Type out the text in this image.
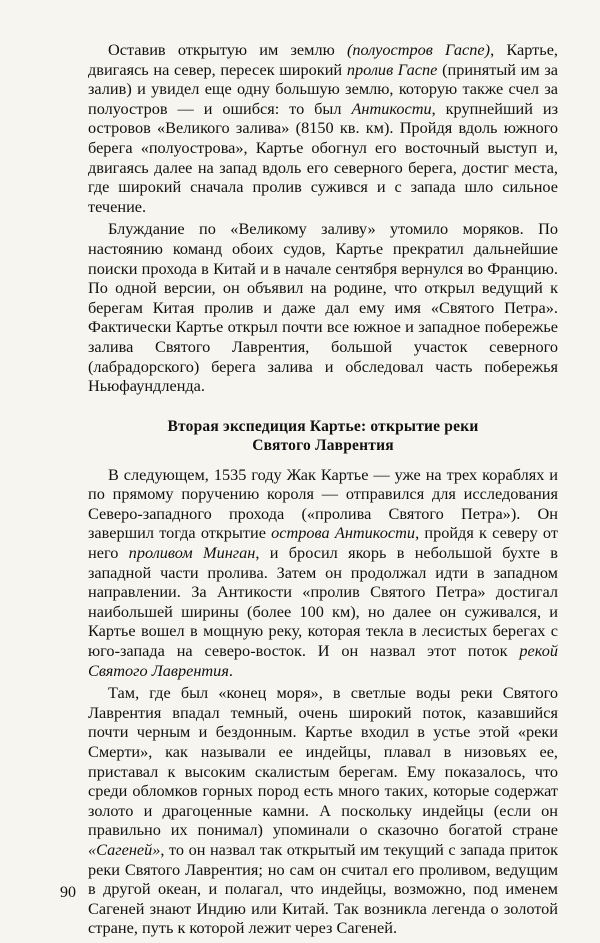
Оставив открытую им землю (полуостров Гаспе), Картье, двигаясь на север, пересек широкий пролив Гаспе (принятый им за залив) и увидел еще одну большую землю, которую также счел за полуостров — и ошибся: то был Антикости, крупнейший из островов «Великого залива» (8150 кв. км). Пройдя вдоль южного берега «полуострова», Картье обогнул его восточный выступ и, двигаясь далее на запад вдоль его северного берега, достиг места, где широкий сначала пролив сужився и с запада шло сильное течение.

Блуждание по «Великому заливу» утомило моряков. По настоянию команд обоих судов, Картье прекратил дальнейшие поиски прохода в Китай и в начале сентября вернулся во Францию. По одной версии, он объявил на родине, что открыл ведущий к берегам Китая пролив и даже дал ему имя «Святого Петра». Фактически Картье открыл почти все южное и западное побережье залива Святого Лаврентия, большой участок северного (лабрадорского) берега залива и обследовал часть побережья Ньюфаундленда.

Вторая экспедиция Картье: открытие реки
Святого Лаврентия

В следующем, 1535 году Жак Картье — уже на трех кораблях и по прямому поручению короля — отправился для исследования Северо-западного прохода («пролива Святого Петра»). Он завершил тогда открытие острова Антикости, пройдя к северу от него проливом Минган, и бросил якорь в небольшой бухте в западной части пролива. Затем он продолжал идти в западном направлении. За Антикости «пролив Святого Петра» достигал наибольшей ширины (более 100 км), но далее он суживался, и Картье вошел в мощную реку, которая текла в лесистых берегах с юго-запада на северо-восток. И он назвал этот поток рекой Святого Лаврентия.

Там, где был «конец моря», в светлые воды реки Святого Лаврентия впадал темный, очень широкий поток, казавшийся почти черным и бездонным. Картье входил в устье этой «реки Смерти», как называли ее индейцы, плавал в низовьях ее, приставал к высоким скалистым берегам. Ему показалось, что среди обломков горных пород есть много таких, которые содержат золото и драгоценные камни. А поскольку индейцы (если он правильно их понимал) упоминали о сказочно богатой стране «Сагеней», то он назвал так открытый им текущий с запада приток реки Святого Лаврентия; но сам он считал его проливом, ведущим в другой океан, и полагал, что индейцы, возможно, под именем Сагеней знают Индию или Китай. Так возникла легенда о золотой стране, путь к которой лежит через Сагеней.

90
